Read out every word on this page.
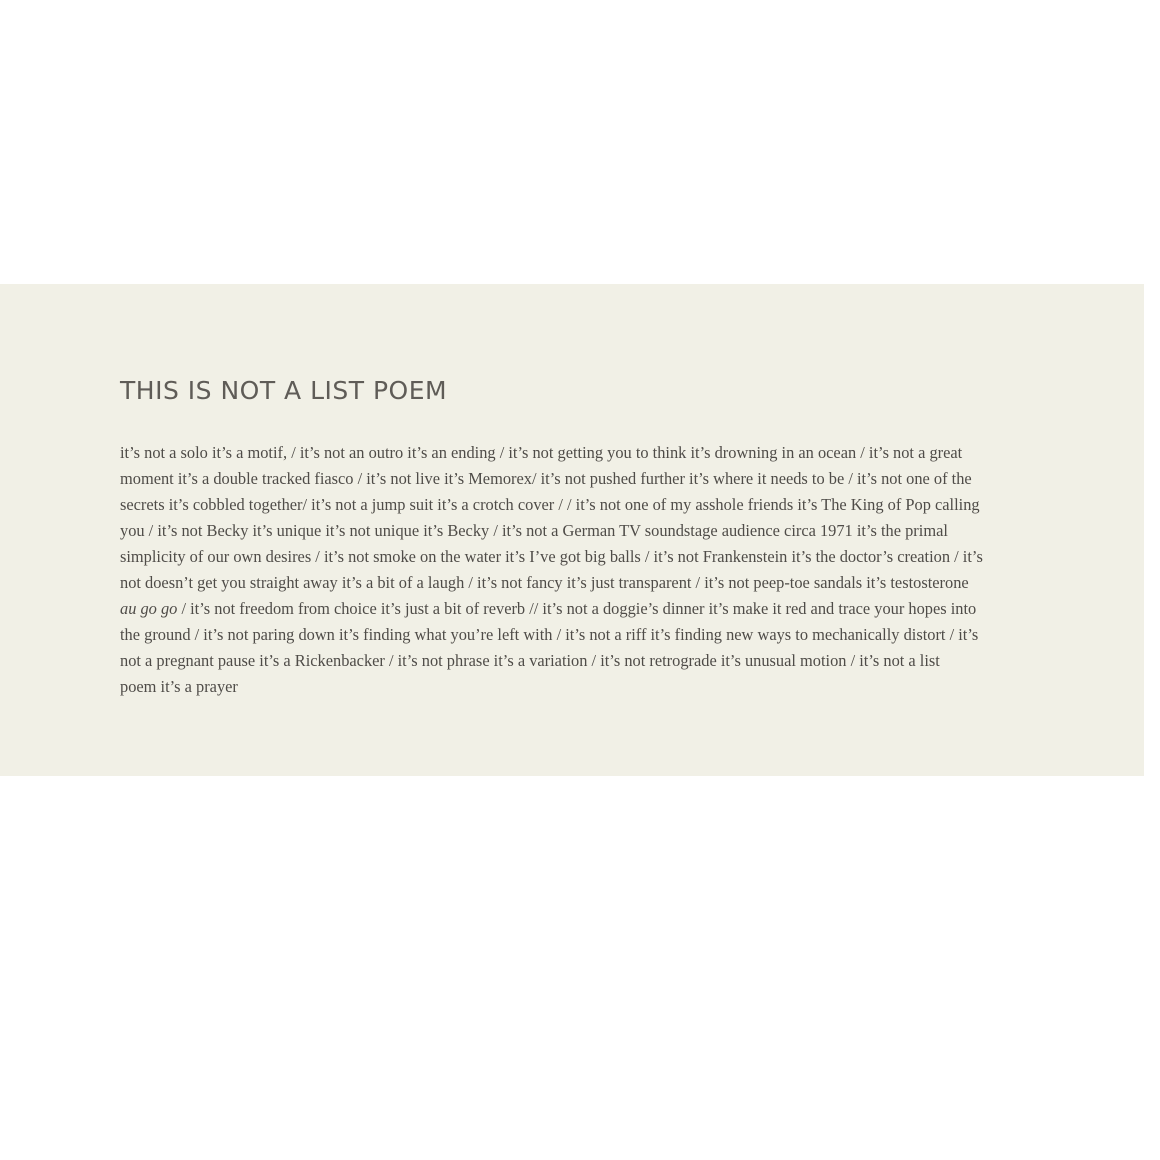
THIS IS NOT A LIST POEM
it’s not a solo it’s a motif, / it’s not an outro it’s an ending / it’s not getting you to think it’s drowning in an ocean / it’s not a great
moment it’s a double tracked fiasco / it’s not live it’s Memorex/ it’s not pushed further it’s where it needs to be / it’s not one of the
secrets it’s cobbled together/ it’s not a jump suit it’s a crotch cover / / it’s not one of my asshole friends it’s The King of Pop calling
you / it’s not Becky it’s unique it’s not unique it’s Becky / it’s not a German TV soundstage audience circa 1971 it’s the primal
simplicity of our own desires / it’s not smoke on the water it’s I’ve got big balls / it’s not Frankenstein it’s the doctor’s creation / it’s
not doesn’t get you straight away it’s a bit of a laugh / it’s not fancy it’s just transparent / it’s not peep-toe sandals it’s testosterone
au go go / it’s not freedom from choice it’s just a bit of reverb // it’s not a doggie’s dinner it’s make it red and trace your hopes into
the ground / it’s not paring down it’s finding what you’re left with / it’s not a riff it’s finding new ways to mechanically distort / it’s
not a pregnant pause it’s a Rickenbacker / it’s not phrase it’s a variation / it’s not retrograde it’s unusual motion / it’s not a list
poem it’s a prayer
